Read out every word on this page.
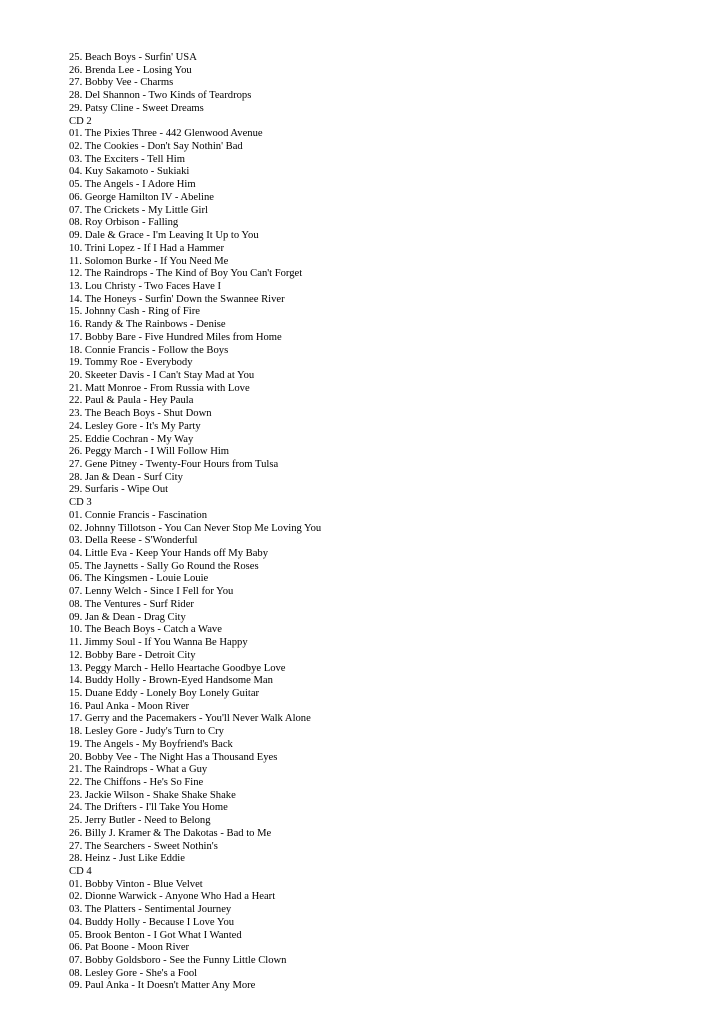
25. Beach Boys - Surfin' USA
26. Brenda Lee - Losing You
27. Bobby Vee - Charms
28. Del Shannon - Two Kinds of Teardrops
29. Patsy Cline - Sweet Dreams
CD 2
01. The Pixies Three - 442 Glenwood Avenue
02. The Cookies - Don't Say Nothin' Bad
03. The Exciters - Tell Him
04. Kuy Sakamoto - Sukiaki
05. The Angels - I Adore Him
06. George Hamilton IV - Abeline
07. The Crickets - My Little Girl
08. Roy Orbison - Falling
09. Dale & Grace - I'm Leaving It Up to You
10. Trini Lopez - If I Had a Hammer
11. Solomon Burke - If You Need Me
12. The Raindrops - The Kind of Boy You Can't Forget
13. Lou Christy - Two Faces Have I
14. The Honeys - Surfin' Down the Swannee River
15. Johnny Cash - Ring of Fire
16. Randy & The Rainbows - Denise
17. Bobby Bare - Five Hundred Miles from Home
18. Connie Francis - Follow the Boys
19. Tommy Roe - Everybody
20. Skeeter Davis - I Can't Stay Mad at You
21. Matt Monroe - From Russia with Love
22. Paul & Paula - Hey Paula
23. The Beach Boys - Shut Down
24. Lesley Gore - It's My Party
25. Eddie Cochran - My Way
26. Peggy March - I Will Follow Him
27. Gene Pitney - Twenty-Four Hours from Tulsa
28. Jan & Dean - Surf City
29. Surfaris - Wipe Out
CD 3
01. Connie Francis - Fascination
02. Johnny Tillotson - You Can Never Stop Me Loving You
03. Della Reese - S'Wonderful
04. Little Eva - Keep Your Hands off My Baby
05. The Jaynetts - Sally Go Round the Roses
06. The Kingsmen - Louie Louie
07. Lenny Welch - Since I Fell for You
08. The Ventures - Surf Rider
09. Jan & Dean - Drag City
10. The Beach Boys - Catch a Wave
11. Jimmy Soul - If You Wanna Be Happy
12. Bobby Bare - Detroit City
13. Peggy March - Hello Heartache Goodbye Love
14. Buddy Holly - Brown-Eyed Handsome Man
15. Duane Eddy - Lonely Boy Lonely Guitar
16. Paul Anka - Moon River
17. Gerry and the Pacemakers - You'll Never Walk Alone
18. Lesley Gore - Judy's Turn to Cry
19. The Angels - My Boyfriend's Back
20. Bobby Vee - The Night Has a Thousand Eyes
21. The Raindrops - What a Guy
22. The Chiffons - He's So Fine
23. Jackie Wilson - Shake Shake Shake
24. The Drifters - I'll Take You Home
25. Jerry Butler - Need to Belong
26. Billy J. Kramer & The Dakotas - Bad to Me
27. The Searchers - Sweet Nothin's
28. Heinz - Just Like Eddie
CD 4
01. Bobby Vinton - Blue Velvet
02. Dionne Warwick - Anyone Who Had a Heart
03. The Platters - Sentimental Journey
04. Buddy Holly - Because I Love You
05. Brook Benton - I Got What I Wanted
06. Pat Boone - Moon River
07. Bobby Goldsboro - See the Funny Little Clown
08. Lesley Gore - She's a Fool
09. Paul Anka - It Doesn't Matter Any More
